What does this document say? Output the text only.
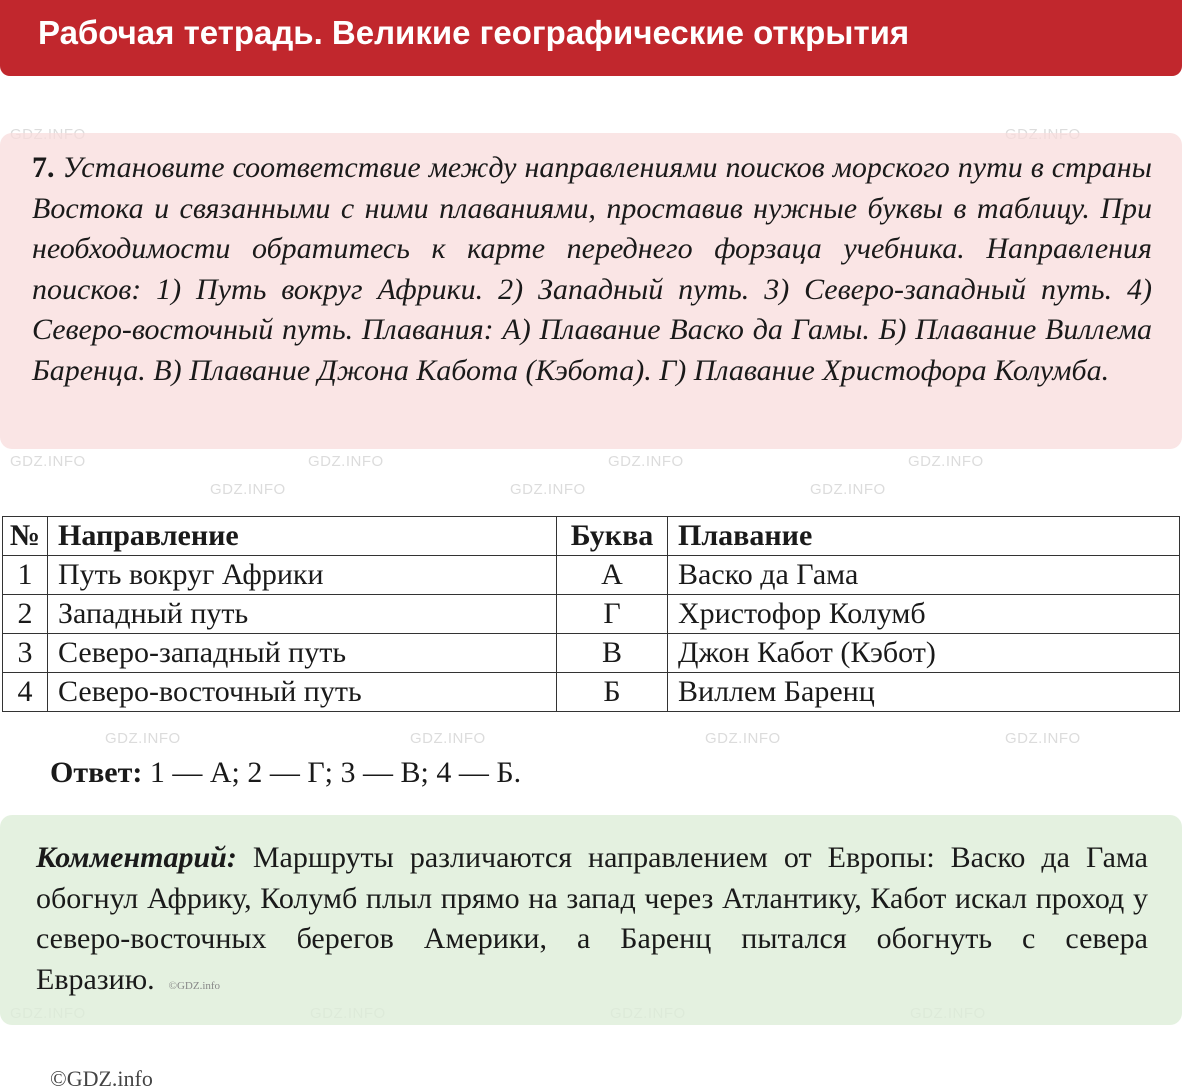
Рабочая тетрадь. Великие географические открытия
7. Установите соответствие между направлениями поисков морского пути в страны Востока и связанными с ними плаваниями, проставив нужные буквы в таблицу. При необходимости обратитесь к карте переднего форзаца учебника. Направления поисков: 1) Путь вокруг Африки. 2) Западный путь. 3) Северо-западный путь. 4) Северо-восточный путь. Плавания: А) Плавание Васко да Гамы. Б) Плавание Виллема Баренца. В) Плавание Джона Кабота (Кэбота). Г) Плавание Христофора Колумба.
№	Направление	Буква	Плавание
1	Путь вокруг Африки	А	Васко да Гама
2	Западный путь	Г	Христофор Колумб
3	Северо-западный путь	В	Джон Кабот (Кэбот)
4	Северо-восточный путь	Б	Виллем Баренц
Ответ: 1 — А; 2 — Г; 3 — В; 4 — Б.
Комментарий: Маршруты различаются направлением от Европы: Васко да Гама обогнул Африку, Колумб плыл прямо на запад через Атлантику, Кабот искал проход у северо-восточных берегов Америки, а Баренц пытался обогнуть с севера Евразию. ©GDZ.info
©GDZ.info
GDZ.INFO	GDZ.INFO	GDZ.INFO	GDZ.INFO
GDZ.INFO	GDZ.INFO	GDZ.INFO
GDZ.INFO	GDZ.INFO	GDZ.INFO	GDZ.INFO
